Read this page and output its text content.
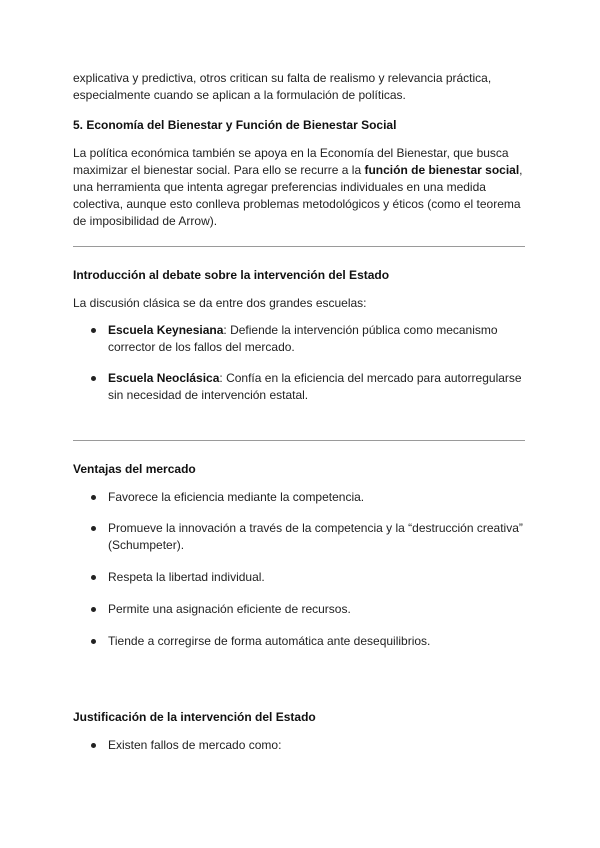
explicativa y predictiva, otros critican su falta de realismo y relevancia práctica,

especialmente cuando se aplican a la formulación de políticas.

5. Economía del Bienestar y Función de Bienestar Social

La política económica también se apoya en la Economía del Bienestar, que busca maximizar el bienestar social. Para ello se recurre a la función de bienestar social, una herramienta que intenta agregar preferencias individuales en una medida colectiva, aunque esto conlleva problemas metodológicos y éticos (como el teorema de imposibilidad de Arrow).

Introducción al debate sobre la intervención del Estado

La discusión clásica se da entre dos grandes escuelas:

Escuela Keynesiana: Defiende la intervención pública como mecanismo corrector de los fallos del mercado.

Escuela Neoclásica: Confía en la eficiencia del mercado para autorregularse sin necesidad de intervención estatal.

Ventajas del mercado

Favorece la eficiencia mediante la competencia.

Promueve la innovación a través de la competencia y la “destrucción creativa” (Schumpeter).

Respeta la libertad individual.

Permite una asignación eficiente de recursos.

Tiende a corregirse de forma automática ante desequilibrios.

Justificación de la intervención del Estado

Existen fallos de mercado como:
